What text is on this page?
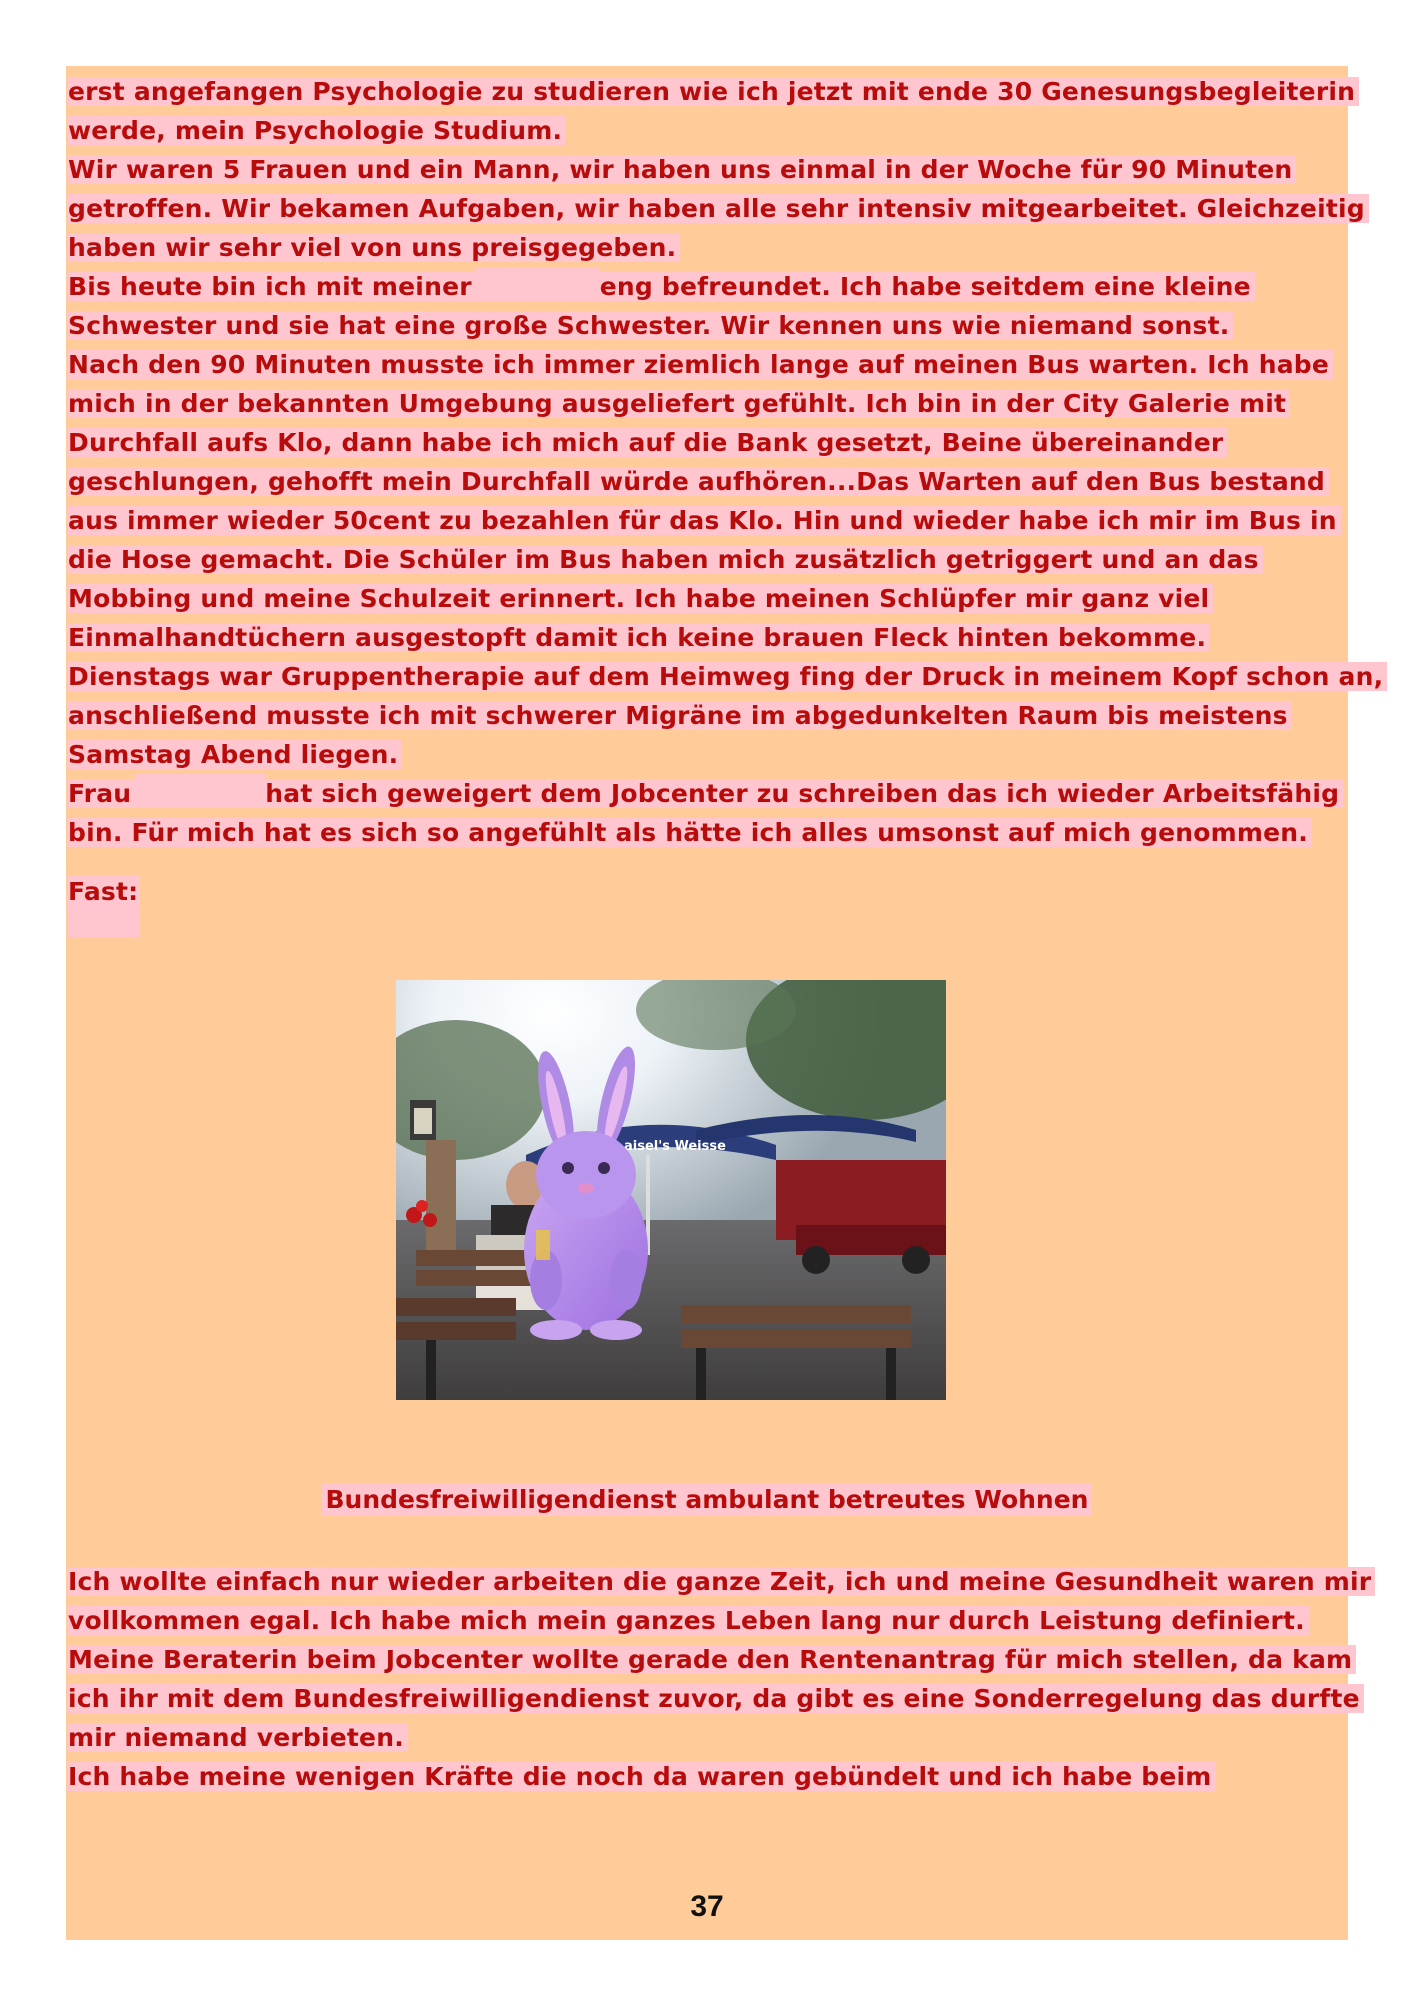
erst angefangen Psychologie zu studieren wie ich jetzt mit ende 30 Genesungsbegleiterin
werde, mein Psychologie Studium.
Wir waren 5 Frauen und ein Mann, wir haben uns einmal in der Woche für 90 Minuten
getroffen. Wir bekamen Aufgaben, wir haben alle sehr intensiv mitgearbeitet. Gleichzeitig
haben wir sehr viel von uns preisgegeben.
Bis heute bin ich mit meiner	eng befreundet. Ich habe seitdem eine kleine
Schwester und sie hat eine große Schwester. Wir kennen uns wie niemand sonst.
Nach den 90 Minuten musste ich immer ziemlich lange auf meinen Bus warten. Ich habe
mich in der bekannten Umgebung ausgeliefert gefühlt. Ich bin in der City Galerie mit
Durchfall aufs Klo, dann habe ich mich auf die Bank gesetzt, Beine übereinander
geschlungen, gehofft mein Durchfall würde aufhören...Das Warten auf den Bus bestand
aus immer wieder 50cent zu bezahlen für das Klo. Hin und wieder habe ich mir im Bus in
die Hose gemacht. Die Schüler im Bus haben mich zusätzlich getriggert und an das
Mobbing und meine Schulzeit erinnert. Ich habe meinen Schlüpfer mir ganz viel
Einmalhandtüchern ausgestopft damit ich keine brauen Fleck hinten bekomme.
Dienstags war Gruppentherapie auf dem Heimweg fing der Druck in meinem Kopf schon an,
anschließend musste ich mit schwerer Migräne im abgedunkelten Raum bis meistens
Samstag Abend liegen.
Frau	hat sich geweigert dem Jobcenter zu schreiben das ich wieder Arbeitsfähig
bin. Für mich hat es sich so angefühlt als hätte ich alles umsonst auf mich genommen.
Fast:
aisel's Weisse
Bundesfreiwilligendienst ambulant betreutes Wohnen
Ich wollte einfach nur wieder arbeiten die ganze Zeit, ich und meine Gesundheit waren mir
vollkommen egal. Ich habe mich mein ganzes Leben lang nur durch Leistung definiert.
Meine Beraterin beim Jobcenter wollte gerade den Rentenantrag für mich stellen, da kam
ich ihr mit dem Bundesfreiwilligendienst zuvor, da gibt es eine Sonderregelung das durfte
mir niemand verbieten.
Ich habe meine wenigen Kräfte die noch da waren gebündelt und ich habe beim
37
